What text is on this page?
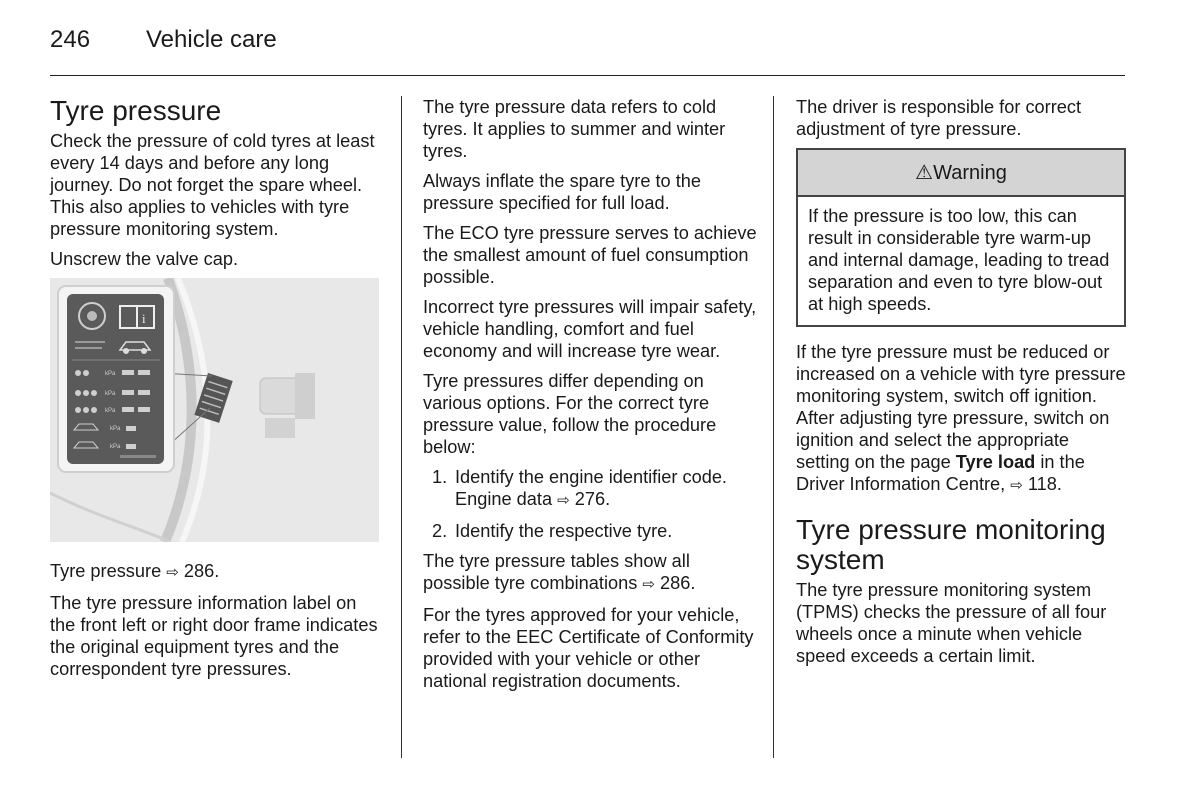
246 Vehicle care
Tyre pressure

Check the pressure of cold tyres at least every 14 days and before any long journey. Do not forget the spare wheel. This also applies to vehicles with tyre pressure monitoring system.

Unscrew the valve cap.

i
kPa
kPa
kPa
kPa
kPa

Tyre pressure ⇨ 286.

The tyre pressure information label on the front left or right door frame indicates the original equipment tyres and the correspondent tyre pressures.

The tyre pressure data refers to cold tyres. It applies to summer and winter tyres.

Always inflate the spare tyre to the pressure specified for full load.

The ECO tyre pressure serves to achieve the smallest amount of fuel consumption possible.

Incorrect tyre pressures will impair safety, vehicle handling, comfort and fuel economy and will increase tyre wear.

Tyre pressures differ depending on various options. For the correct tyre pressure value, follow the procedure below:

1. Identify the engine identifier code. Engine data ⇨ 276.
2. Identify the respective tyre.

The tyre pressure tables show all possible tyre combinations ⇨ 286.

For the tyres approved for your vehicle, refer to the EEC Certificate of Conformity provided with your vehicle or other national registration documents.

The driver is responsible for correct adjustment of tyre pressure.

⚠Warning
If the pressure is too low, this can result in considerable tyre warm-up and internal damage, leading to tread separation and even to tyre blow-out at high speeds.

If the tyre pressure must be reduced or increased on a vehicle with tyre pressure monitoring system, switch off ignition. After adjusting tyre pressure, switch on ignition and select the appropriate setting on the page Tyre load in the Driver Information Centre, ⇨ 118.

Tyre pressure monitoring system

The tyre pressure monitoring system (TPMS) checks the pressure of all four wheels once a minute when vehicle speed exceeds a certain limit.
